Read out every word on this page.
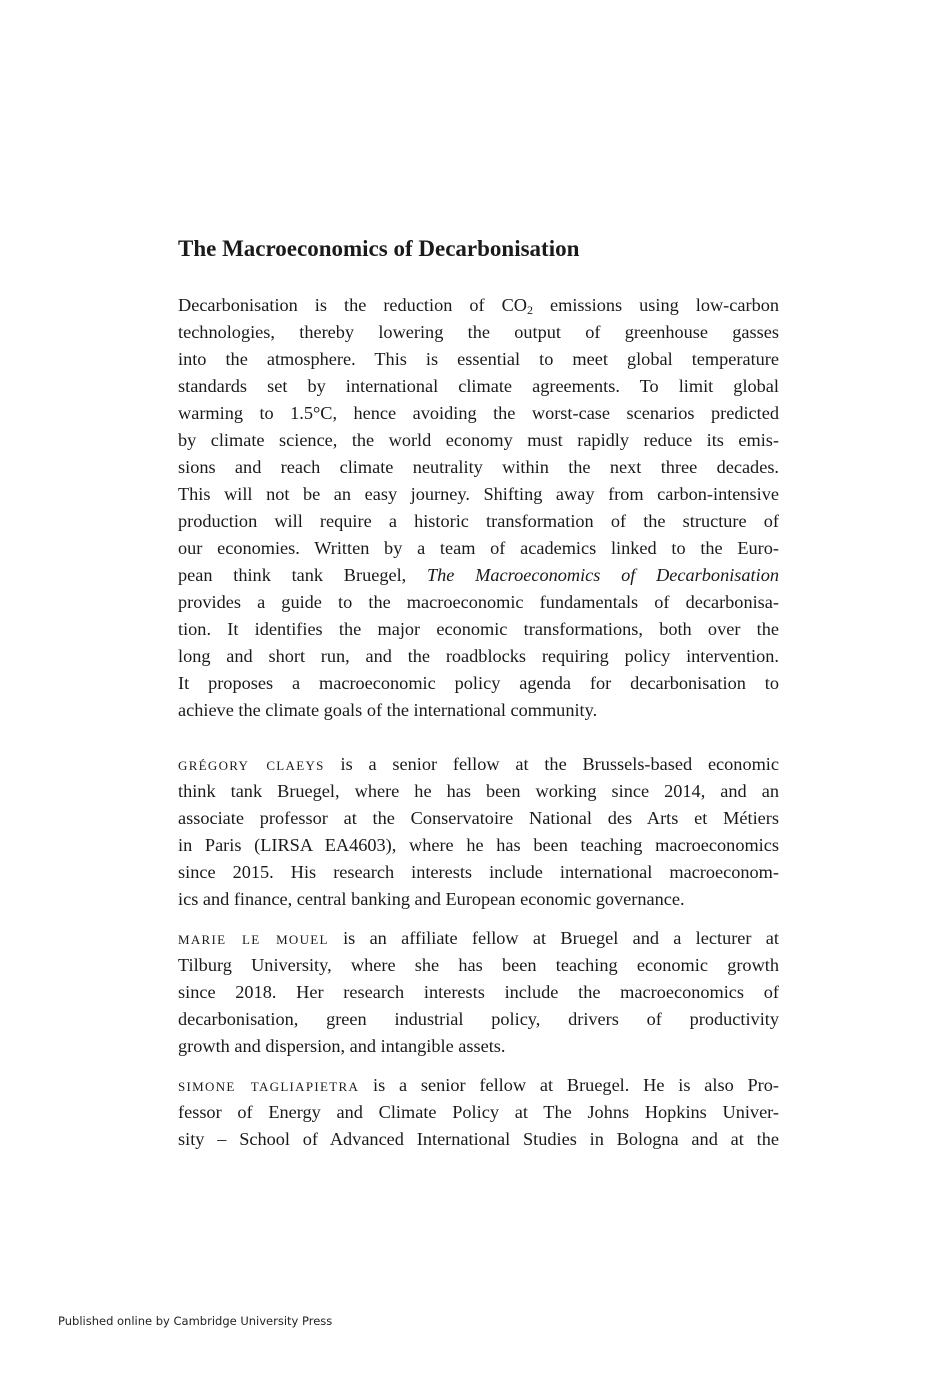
The Macroeconomics of Decarbonisation
Decarbonisation is the reduction of $CO_2$ emissions using low-carbon
technologies, thereby lowering the output of greenhouse gasses
into the atmosphere. This is essential to meet global temperature
standards set by international climate agreements. To limit global
warming to 1.5°C, hence avoiding the worst-case scenarios predicted
by climate science, the world economy must rapidly reduce its emis-
sions and reach climate neutrality within the next three decades.
This will not be an easy journey. Shifting away from carbon-intensive
production will require a historic transformation of the structure of
our economies. Written by a team of academics linked to the Euro-
pean think tank Bruegel, The Macroeconomics of Decarbonisation
provides a guide to the macroeconomic fundamentals of decarbonisa-
tion. It identifies the major economic transformations, both over the
long and short run, and the roadblocks requiring policy intervention.
It proposes a macroeconomic policy agenda for decarbonisation to
achieve the climate goals of the international community.
grégory claeys is a senior fellow at the Brussels-based economic
think tank Bruegel, where he has been working since 2014, and an
associate professor at the Conservatoire National des Arts et Métiers
in Paris (LIRSA EA4603), where he has been teaching macroeconomics
since 2015. His research interests include international macroeconom-
ics and finance, central banking and European economic governance.
marie le mouel is an affiliate fellow at Bruegel and a lecturer at
Tilburg University, where she has been teaching economic growth
since 2018. Her research interests include the macroeconomics of
decarbonisation, green industrial policy, drivers of productivity
growth and dispersion, and intangible assets.
simone tagliapietra is a senior fellow at Bruegel. He is also Pro-
fessor of Energy and Climate Policy at The Johns Hopkins Univer-
sity – School of Advanced International Studies in Bologna and at the
Published online by Cambridge University Press
